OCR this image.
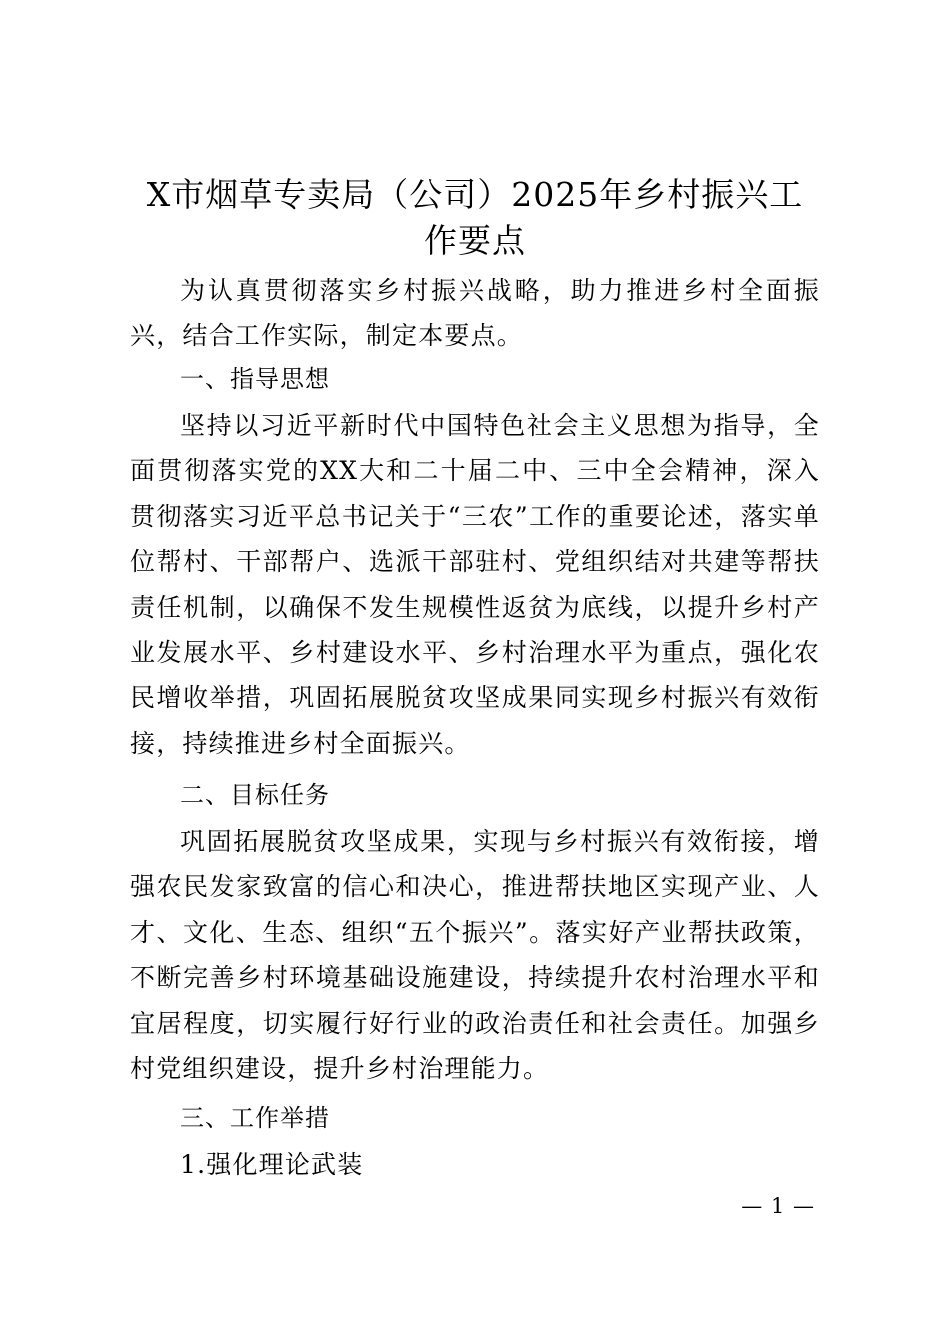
X市烟草专卖局（公司）2025年乡村振兴工作要点
为认真贯彻落实乡村振兴战略，助力推进乡村全面振兴，结合工作实际，制定本要点。
一、指导思想
坚持以习近平新时代中国特色社会主义思想为指导，全面贯彻落实党的XX大和二十届二中、三中全会精神，深入贯彻落实习近平总书记关于“三农”工作的重要论述，落实单位帮村、干部帮户、选派干部驻村、党组织结对共建等帮扶责任机制，以确保不发生规模性返贫为底线，以提升乡村产业发展水平、乡村建设水平、乡村治理水平为重点，强化农民增收举措，巩固拓展脱贫攻坚成果同实现乡村振兴有效衔接，持续推进乡村全面振兴。
二、目标任务
巩固拓展脱贫攻坚成果，实现与乡村振兴有效衔接，增强农民发家致富的信心和决心，推进帮扶地区实现产业、人才、文化、生态、组织“五个振兴”。落实好产业帮扶政策，不断完善乡村环境基础设施建设，持续提升农村治理水平和宜居程度，切实履行好行业的政治责任和社会责任。加强乡村党组织建设，提升乡村治理能力。
三、工作举措
1.强化理论武装
— 1 —
